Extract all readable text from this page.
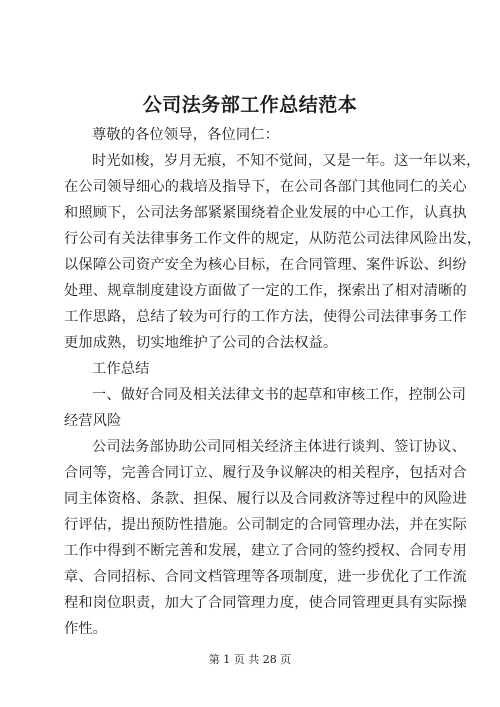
公司法务部工作总结范本
尊敬的各位领导，各位同仁：
时光如梭，岁月无痕，不知不觉间，又是一年。这一年以来，
在公司领导细心的栽培及指导下，在公司各部门其他同仁的关心
和照顾下，公司法务部紧紧围绕着企业发展的中心工作，认真执
行公司有关法律事务工作文件的规定，从防范公司法律风险出发，
以保障公司资产安全为核心目标，在合同管理、案件诉讼、纠纷
处理、规章制度建设方面做了一定的工作，探索出了相对清晰的
工作思路，总结了较为可行的工作方法，使得公司法律事务工作
更加成熟，切实地维护了公司的合法权益。
工作总结
一、做好合同及相关法律文书的起草和审核工作，控制公司
经营风险
公司法务部协助公司同相关经济主体进行谈判、签订协议、
合同等，完善合同订立、履行及争议解决的相关程序，包括对合
同主体资格、条款、担保、履行以及合同救济等过程中的风险进
行评估，提出预防性措施。公司制定的合同管理办法，并在实际
工作中得到不断完善和发展，建立了合同的签约授权、合同专用
章、合同招标、合同文档管理等各项制度，进一步优化了工作流
程和岗位职责，加大了合同管理力度，使合同管理更具有实际操
作性。
第 1 页 共 28 页
